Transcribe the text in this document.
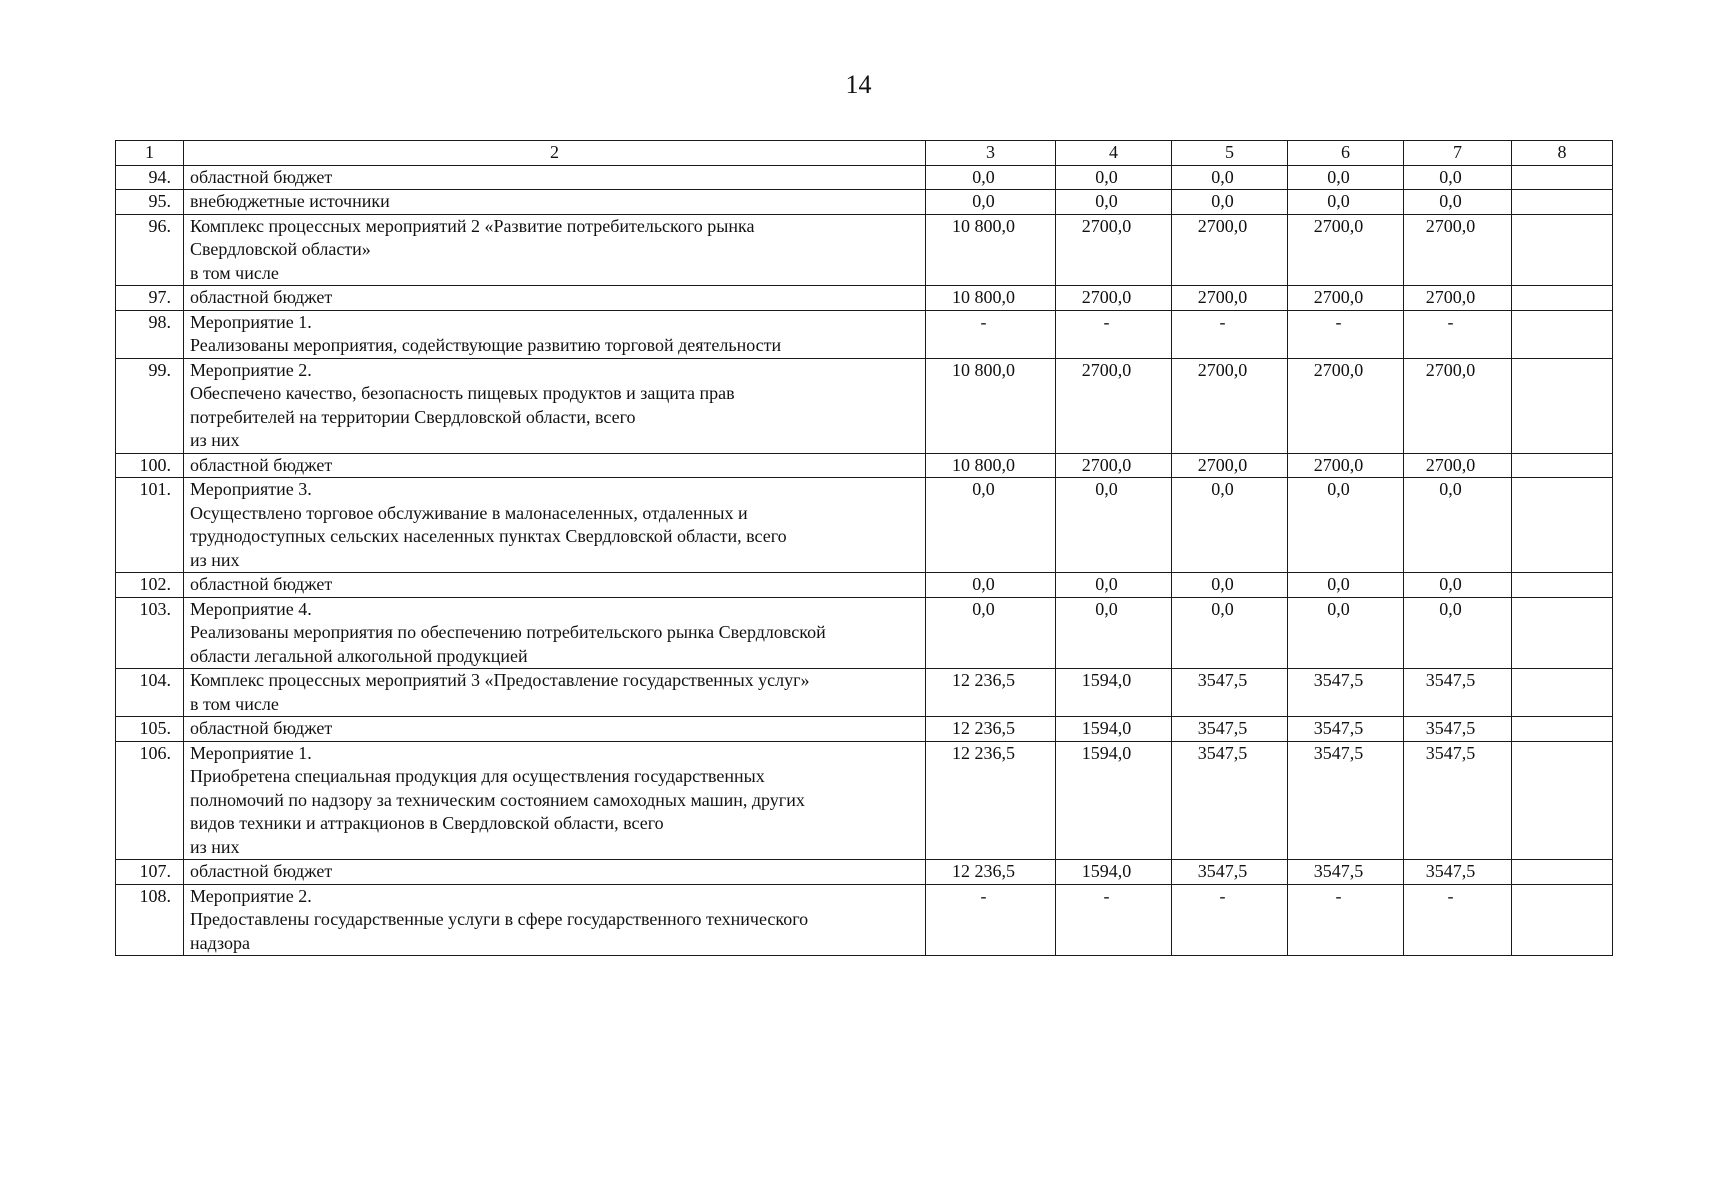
14
1	2	3	4	5	6	7	8
94.	областной бюджет	0,0	0,0	0,0	0,0	0,0	
95.	внебюджетные источники	0,0	0,0	0,0	0,0	0,0	
96.	Комплекс процессных мероприятий 2 «Развитие потребительского рынка
Свердловской области»
в том числе	10 800,0	2700,0	2700,0	2700,0	2700,0	
97.	областной бюджет	10 800,0	2700,0	2700,0	2700,0	2700,0	
98.	Мероприятие 1.
Реализованы мероприятия, содействующие развитию торговой деятельности	-	-	-	-	-	
99.	Мероприятие 2.
Обеспечено качество, безопасность пищевых продуктов и защита прав
потребителей на территории Свердловской области, всего
из них	10 800,0	2700,0	2700,0	2700,0	2700,0	
100.	областной бюджет	10 800,0	2700,0	2700,0	2700,0	2700,0	
101.	Мероприятие 3.
Осуществлено торговое обслуживание в малонаселенных, отдаленных и
труднодоступных сельских населенных пунктах Свердловской области, всего
из них	0,0	0,0	0,0	0,0	0,0	
102.	областной бюджет	0,0	0,0	0,0	0,0	0,0	
103.	Мероприятие 4.
Реализованы мероприятия по обеспечению потребительского рынка Свердловской
области легальной алкогольной продукцией	0,0	0,0	0,0	0,0	0,0	
104.	Комплекс процессных мероприятий 3 «Предоставление государственных услуг»
в том числе	12 236,5	1594,0	3547,5	3547,5	3547,5	
105.	областной бюджет	12 236,5	1594,0	3547,5	3547,5	3547,5	
106.	Мероприятие 1.
Приобретена специальная продукция для осуществления государственных
полномочий по надзору за техническим состоянием самоходных машин, других
видов техники и аттракционов в Свердловской области, всего
из них	12 236,5	1594,0	3547,5	3547,5	3547,5	
107.	областной бюджет	12 236,5	1594,0	3547,5	3547,5	3547,5	
108.	Мероприятие 2.
Предоставлены государственные услуги в сфере государственного технического
надзора	-	-	-	-	-	
